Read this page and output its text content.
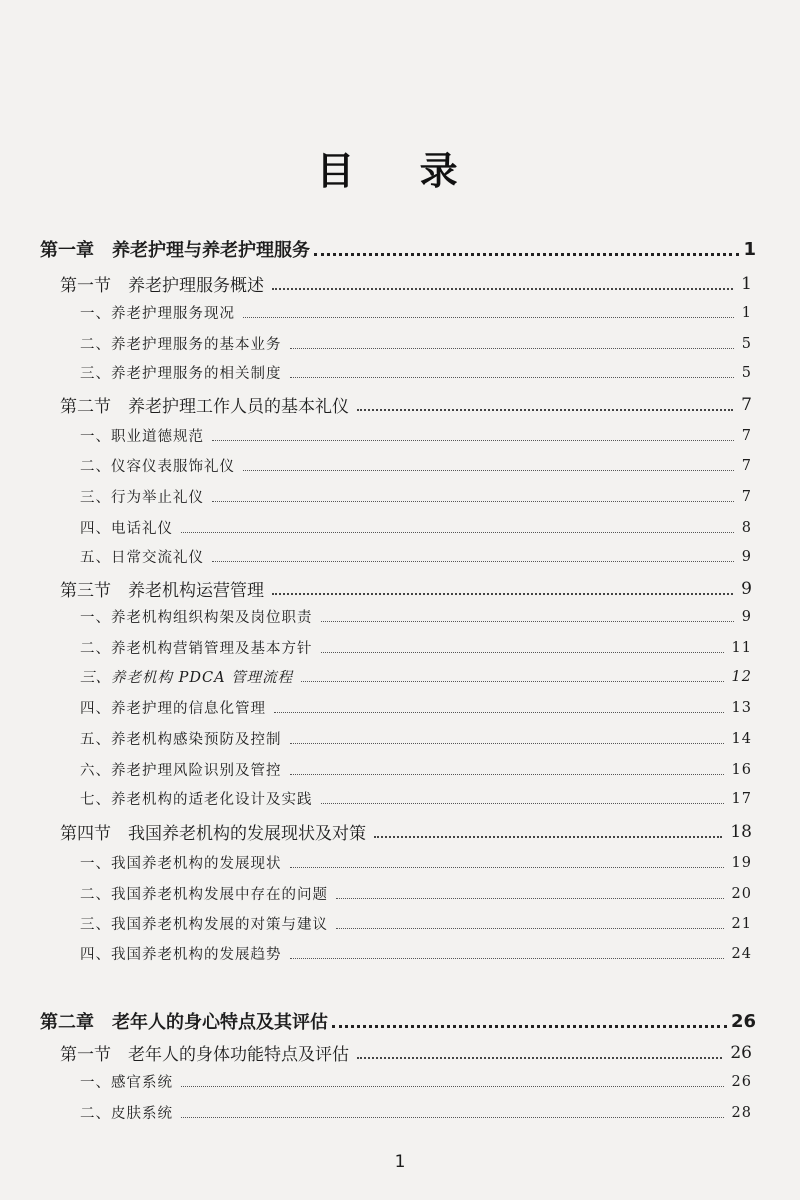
目 录
第一章　养老护理与养老护理服务	1
第一节　养老护理服务概述	1
一、养老护理服务现况	1
二、养老护理服务的基本业务	5
三、养老护理服务的相关制度	5
第二节　养老护理工作人员的基本礼仪	7
一、职业道德规范	7
二、仪容仪表服饰礼仪	7
三、行为举止礼仪	7
四、电话礼仪	8
五、日常交流礼仪	9
第三节　养老机构运营管理	9
一、养老机构组织构架及岗位职责	9
二、养老机构营销管理及基本方针	11
三、养老机构 PDCA 管理流程	12
四、养老护理的信息化管理	13
五、养老机构感染预防及控制	14
六、养老护理风险识别及管控	16
七、养老机构的适老化设计及实践	17
第四节　我国养老机构的发展现状及对策	18
一、我国养老机构的发展现状	19
二、我国养老机构发展中存在的问题	20
三、我国养老机构发展的对策与建议	21
四、我国养老机构的发展趋势	24
第二章　老年人的身心特点及其评估	26
第一节　老年人的身体功能特点及评估	26
一、感官系统	26
二、皮肤系统	28
1
